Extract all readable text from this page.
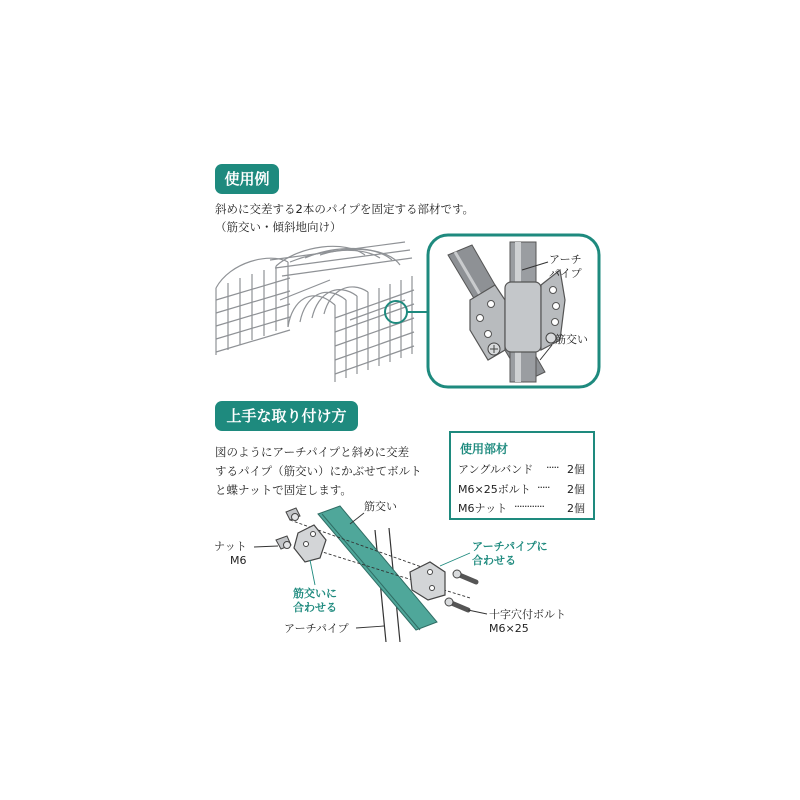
使用例
斜めに交差する2本のパイプを固定する部材です。
（筋交い・傾斜地向け）
アーチ
パイプ
筋交い
上手な取り付け方
図のようにアーチパイプと斜めに交差
するパイプ（筋交い）にかぶせてボルト
と蝶ナットで固定します。
使用部材
アングルバンド ····· 2個
M6×25ボルト ····· 2個
M6ナット ············ 2個
筋交い
ナット
M6
筋交いに
合わせる
アーチパイプ
アーチパイプに
合わせる
十字穴付ボルト
M6×25
